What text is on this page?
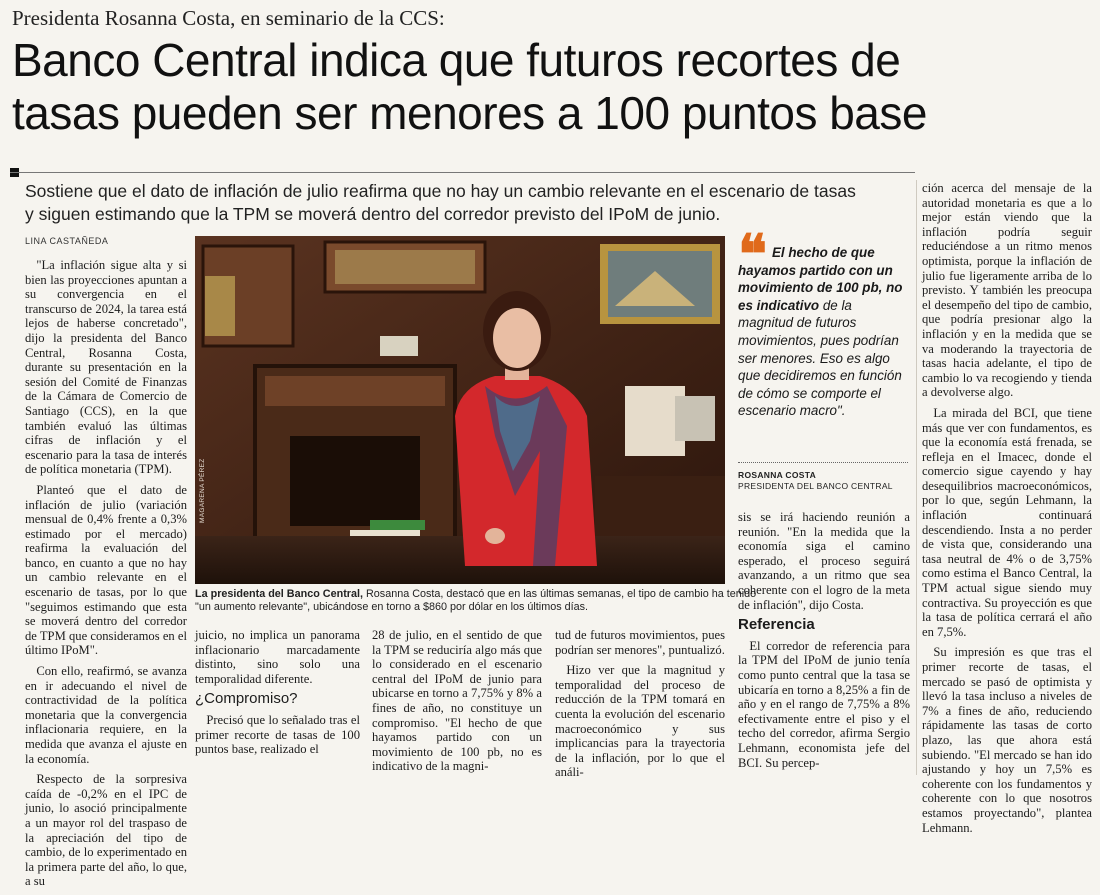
Presidenta Rosanna Costa, en seminario de la CCS:
Banco Central indica que futuros recortes de
tasas pueden ser menores a 100 puntos base
Sostiene que el dato de inflación de julio reafirma que no hay un cambio relevante en el escenario de tasas
y siguen estimando que la TPM se moverá dentro del corredor previsto del IPoM de junio.
LINA CASTAÑEDA

"La inflación sigue alta y si bien las proyecciones apuntan a su convergencia en el transcurso de 2024, la tarea está lejos de haberse concretado", dijo la presidenta del Banco Central, Rosanna Costa, durante su presentación en la sesión del Comité de Finanzas de la Cámara de Comercio de Santiago (CCS), en la que también evaluó las últimas cifras de inflación y el escenario para la tasa de interés de política monetaria (TPM).

Planteó que el dato de inflación de julio (variación mensual de 0,4% frente a 0,3% estimado por el mercado) reafirma la evaluación del banco, en cuanto a que no hay un cambio relevante en el escenario de tasas, por lo que "seguimos estimando que esta se moverá dentro del corredor de TPM que consideramos en el último IPoM".

Con ello, reafirmó, se avanza en ir adecuando el nivel de contractividad de la política monetaria que la convergencia inflacionaria requiere, en la medida que avanza el ajuste en la economía.

Respecto de la sorpresiva caída de -0,2% en el IPC de junio, lo asoció principalmente a un mayor rol del traspaso de la apreciación del tipo de cambio, de lo experimentado en la primera parte del año, lo que, a su

MAGARENA PÉREZ
La presidenta del Banco Central, Rosanna Costa, destacó que en las últimas semanas, el tipo de cambio ha tenido
"un aumento relevante", ubicándose en torno a $860 por dólar en los últimos días.
❝ El hecho de que hayamos partido con un movimiento de 100 pb, no es indicativo de la magnitud de futuros movimientos, pues podrían ser menores. Eso es algo que decidiremos en función de cómo se comporte el escenario macro".
ROSANNA COSTA
PRESIDENTA DEL BANCO CENTRAL

juicio, no implica un panorama inflacionario marcadamente distinto, sino solo una temporalidad diferente.

¿Compromiso?

Precisó que lo señalado tras el primer recorte de tasas de 100 puntos base, realizado el

28 de julio, en el sentido de que la TPM se reduciría algo más que lo considerado en el escenario central del IPoM de junio para ubicarse en torno a 7,75% y 8% a fines de año, no constituye un compromiso. "El hecho de que hayamos partido con un movimiento de 100 pb, no es indicativo de la magni-

tud de futuros movimientos, pues podrían ser menores", puntualizó.

Hizo ver que la magnitud y temporalidad del proceso de reducción de la TPM tomará en cuenta la evolución del escenario macroeconómico y sus implicancias para la trayectoria de la inflación, por lo que el análi-

sis se irá haciendo reunión a reunión. "En la medida que la economía siga el camino esperado, el proceso seguirá avanzando, a un ritmo que sea coherente con el logro de la meta de inflación", dijo Costa.

Referencia

El corredor de referencia para la TPM del IPoM de junio tenía como punto central que la tasa se ubicaría en torno a 8,25% a fin de año y en el rango de 7,75% a 8% efectivamente entre el piso y el techo del corredor, afirma Sergio Lehmann, economista jefe del BCI. Su percep-

ción acerca del mensaje de la autoridad monetaria es que a lo mejor están viendo que la inflación podría seguir reduciéndose a un ritmo menos optimista, porque la inflación de julio fue ligeramente arriba de lo previsto. Y también les preocupa el desempeño del tipo de cambio, que podría presionar algo la inflación y en la medida que se va moderando la trayectoria de tasas hacia adelante, el tipo de cambio lo va recogiendo y tienda a devolverse algo.

La mirada del BCI, que tiene más que ver con fundamentos, es que la economía está frenada, se refleja en el Imacec, donde el comercio sigue cayendo y hay desequilibrios macroeconómicos, por lo que, según Lehmann, la inflación continuará descendiendo. Insta a no perder de vista que, considerando una tasa neutral de 4% o de 3,75% como estima el Banco Central, la TPM actual sigue siendo muy contractiva. Su proyección es que la tasa de política cerrará el año en 7,5%.

Su impresión es que tras el primer recorte de tasas, el mercado se pasó de optimista y llevó la tasa incluso a niveles de 7% a fines de año, reduciendo rápidamente las tasas de corto plazo, las que ahora está subiendo. "El mercado se han ido ajustando y hoy un 7,5% es coherente con los fundamentos y coherente con lo que nosotros estamos proyectando", plantea Lehmann.
